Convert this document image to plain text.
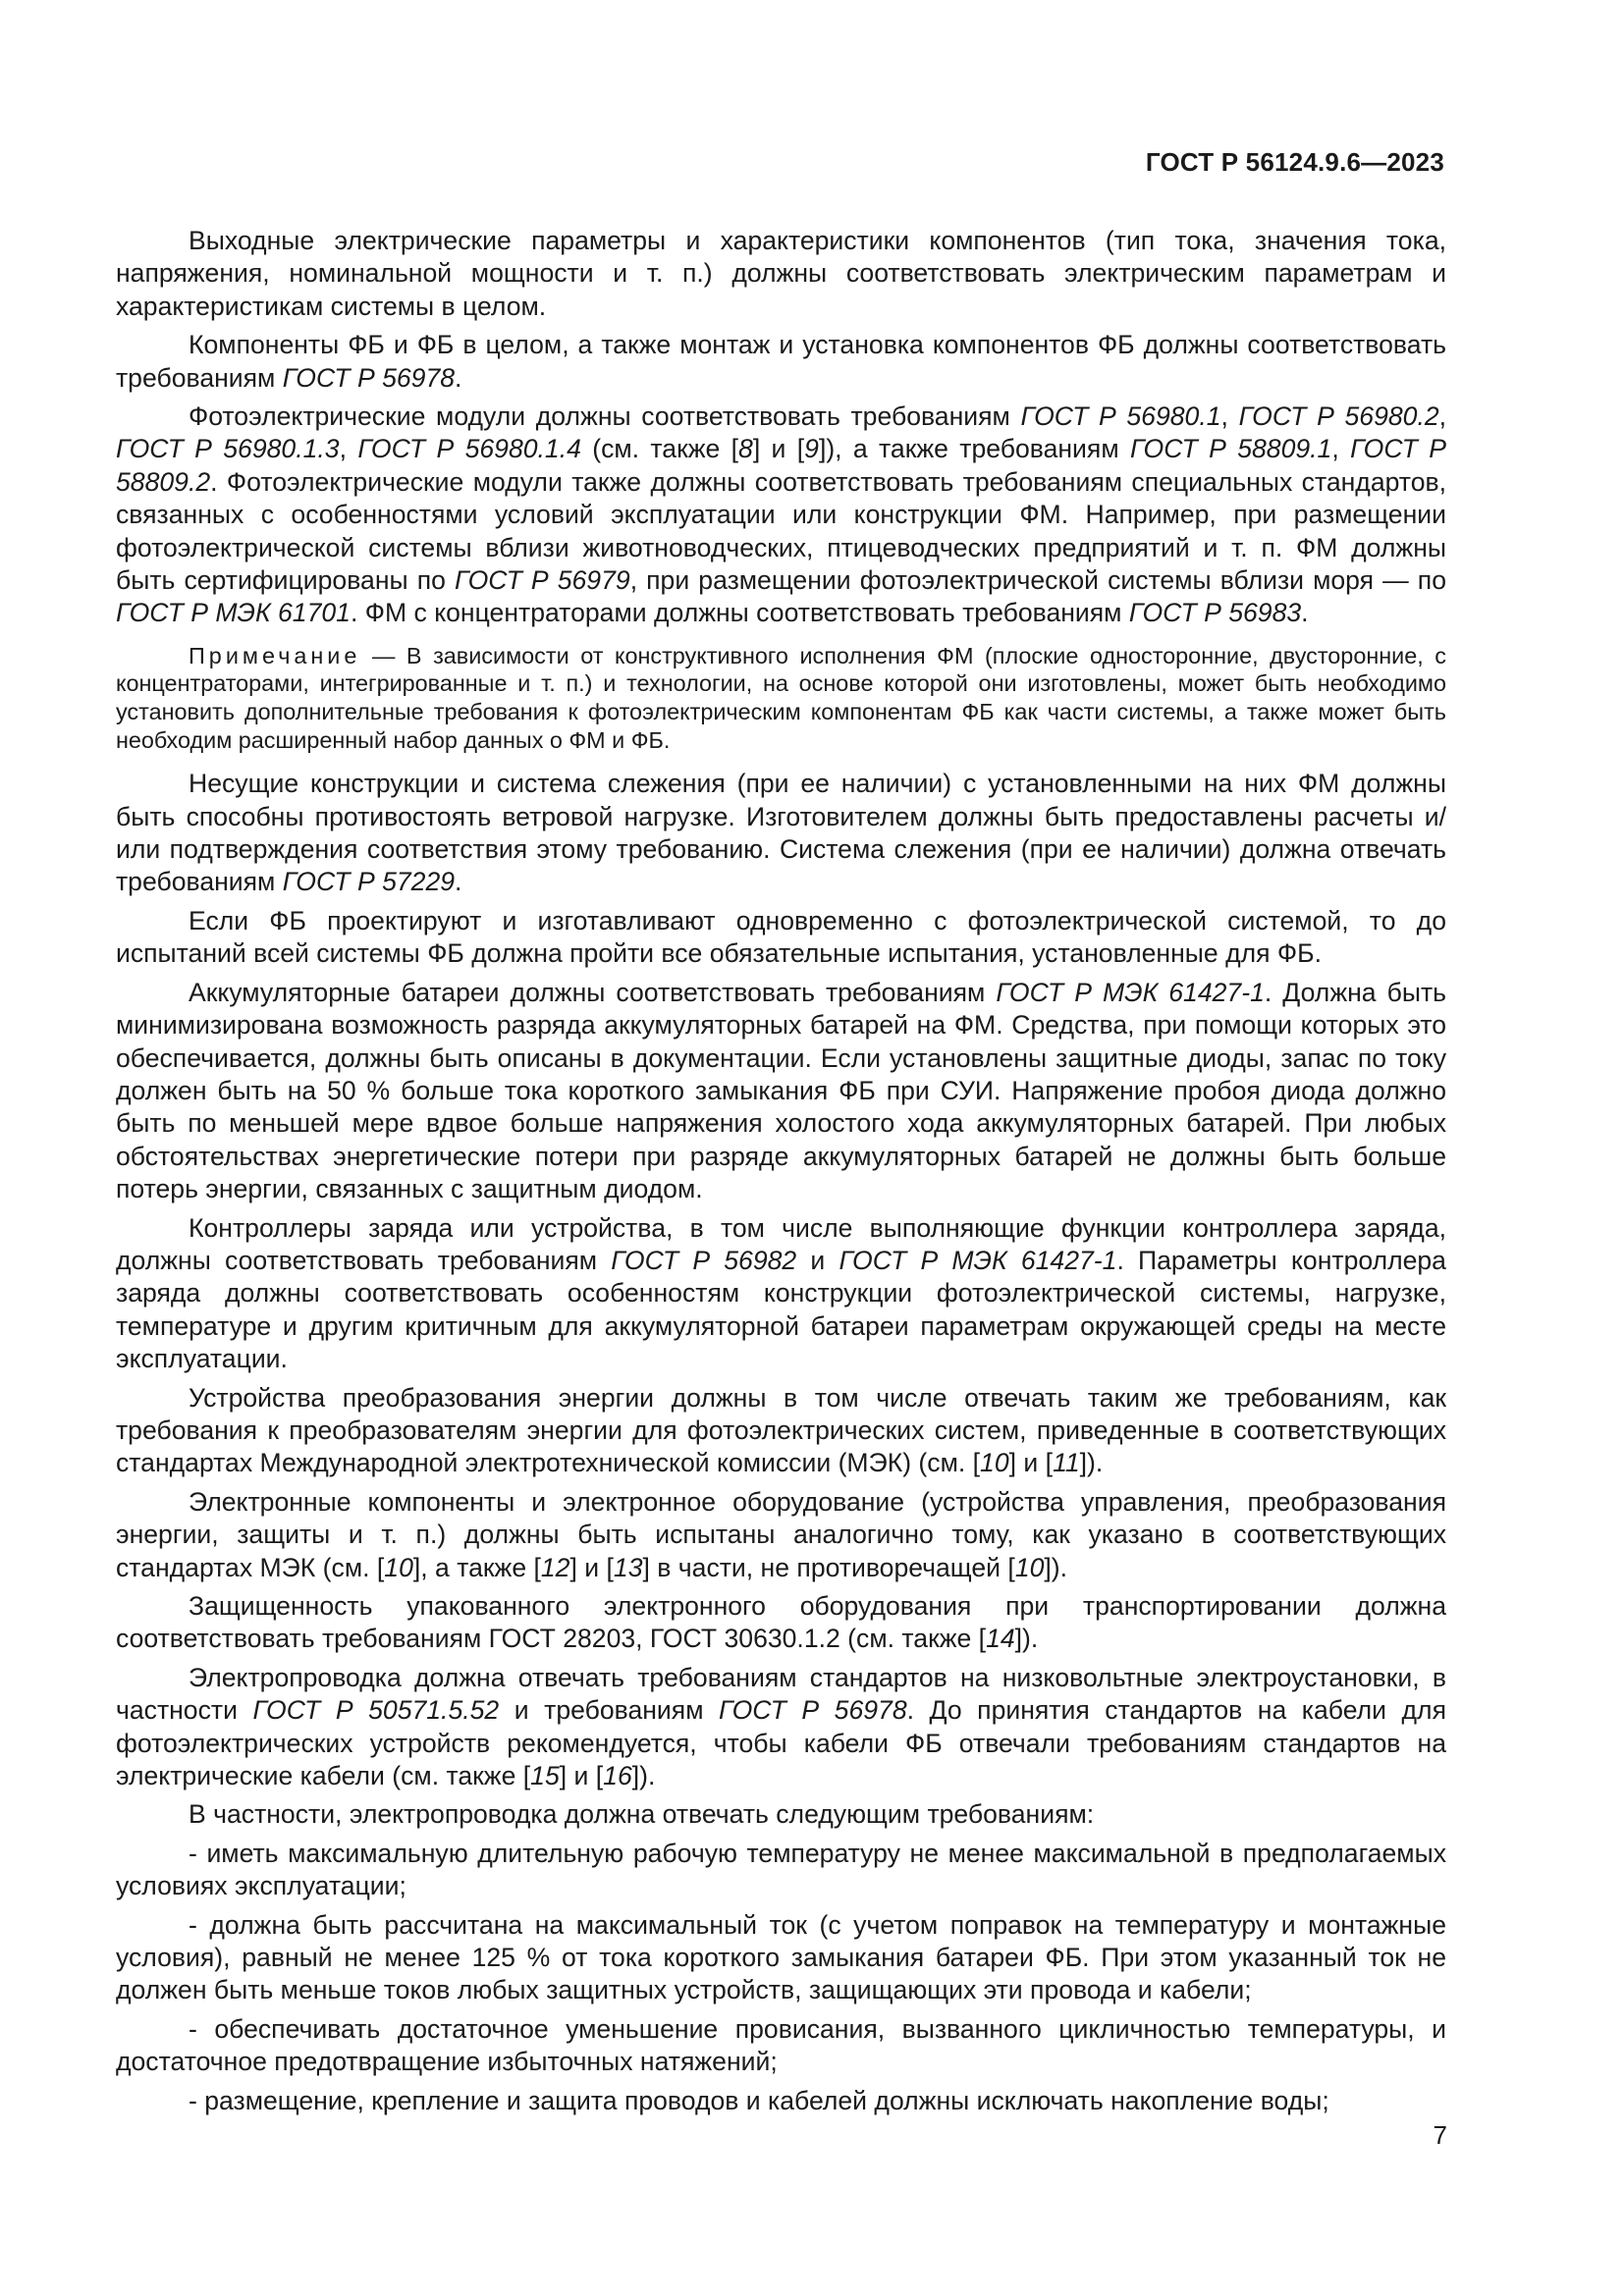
ГОСТ Р 56124.9.6—2023

Выходные электрические параметры и характеристики компонентов (тип тока, значения тока, напряжения, номинальной мощности и т. п.) должны соответствовать электрическим параметрам и характеристикам системы в целом.

Компоненты ФБ и ФБ в целом, а также монтаж и установка компонентов ФБ должны соответствовать требованиям ГОСТ Р 56978.

Фотоэлектрические модули должны соответствовать требованиям ГОСТ Р 56980.1, ГОСТ Р 56980.2, ГОСТ Р 56980.1.3, ГОСТ Р 56980.1.4 (см. также [8] и [9]), а также требованиям ГОСТ Р 58809.1, ГОСТ Р 58809.2. Фотоэлектрические модули также должны соответствовать требованиям специальных стандартов, связанных с особенностями условий эксплуатации или конструкции ФМ. Например, при размещении фотоэлектрической системы вблизи животноводческих, птицеводческих предприятий и т. п. ФМ должны быть сертифицированы по ГОСТ Р 56979, при размещении фотоэлектрической системы вблизи моря — по ГОСТ Р МЭК 61701. ФМ с концентраторами должны соответствовать требованиям ГОСТ Р 56983.

Примечание — В зависимости от конструктивного исполнения ФМ (плоские односторонние, двусторонние, с концентраторами, интегрированные и т. п.) и технологии, на основе которой они изготовлены, может быть необходимо установить дополнительные требования к фотоэлектрическим компонентам ФБ как части системы, а также может быть необходим расширенный набор данных о ФМ и ФБ.

Несущие конструкции и система слежения (при ее наличии) с установленными на них ФМ должны быть способны противостоять ветровой нагрузке. Изготовителем должны быть предоставлены расчеты и/или подтверждения соответствия этому требованию. Система слежения (при ее наличии) должна отвечать требованиям ГОСТ Р 57229.

Если ФБ проектируют и изготавливают одновременно с фотоэлектрической системой, то до испытаний всей системы ФБ должна пройти все обязательные испытания, установленные для ФБ.

Аккумуляторные батареи должны соответствовать требованиям ГОСТ Р МЭК 61427-1. Должна быть минимизирована возможность разряда аккумуляторных батарей на ФМ. Средства, при помощи которых это обеспечивается, должны быть описаны в документации. Если установлены защитные диоды, запас по току должен быть на 50 % больше тока короткого замыкания ФБ при СУИ. Напряжение пробоя диода должно быть по меньшей мере вдвое больше напряжения холостого хода аккумуляторных батарей. При любых обстоятельствах энергетические потери при разряде аккумуляторных батарей не должны быть больше потерь энергии, связанных с защитным диодом.

Контроллеры заряда или устройства, в том числе выполняющие функции контроллера заряда, должны соответствовать требованиям ГОСТ Р 56982 и ГОСТ Р МЭК 61427-1. Параметры контроллера заряда должны соответствовать особенностям конструкции фотоэлектрической системы, нагрузке, температуре и другим критичным для аккумуляторной батареи параметрам окружающей среды на месте эксплуатации.

Устройства преобразования энергии должны в том числе отвечать таким же требованиям, как требования к преобразователям энергии для фотоэлектрических систем, приведенные в соответствующих стандартах Международной электротехнической комиссии (МЭК) (см. [10] и [11]).

Электронные компоненты и электронное оборудование (устройства управления, преобразования энергии, защиты и т. п.) должны быть испытаны аналогично тому, как указано в соответствующих стандартах МЭК (см. [10], а также [12] и [13] в части, не противоречащей [10]).

Защищенность упакованного электронного оборудования при транспортировании должна соответствовать требованиям ГОСТ 28203, ГОСТ 30630.1.2 (см. также [14]).

Электропроводка должна отвечать требованиям стандартов на низковольтные электроустановки, в частности ГОСТ Р 50571.5.52 и требованиям ГОСТ Р 56978. До принятия стандартов на кабели для фотоэлектрических устройств рекомендуется, чтобы кабели ФБ отвечали требованиям стандартов на электрические кабели (см. также [15] и [16]).

В частности, электропроводка должна отвечать следующим требованиям:

- иметь максимальную длительную рабочую температуру не менее максимальной в предполагаемых условиях эксплуатации;

- должна быть рассчитана на максимальный ток (с учетом поправок на температуру и монтажные условия), равный не менее 125 % от тока короткого замыкания батареи ФБ. При этом указанный ток не должен быть меньше токов любых защитных устройств, защищающих эти провода и кабели;

- обеспечивать достаточное уменьшение провисания, вызванного цикличностью температуры, и достаточное предотвращение избыточных натяжений;

- размещение, крепление и защита проводов и кабелей должны исключать накопление воды;

7
